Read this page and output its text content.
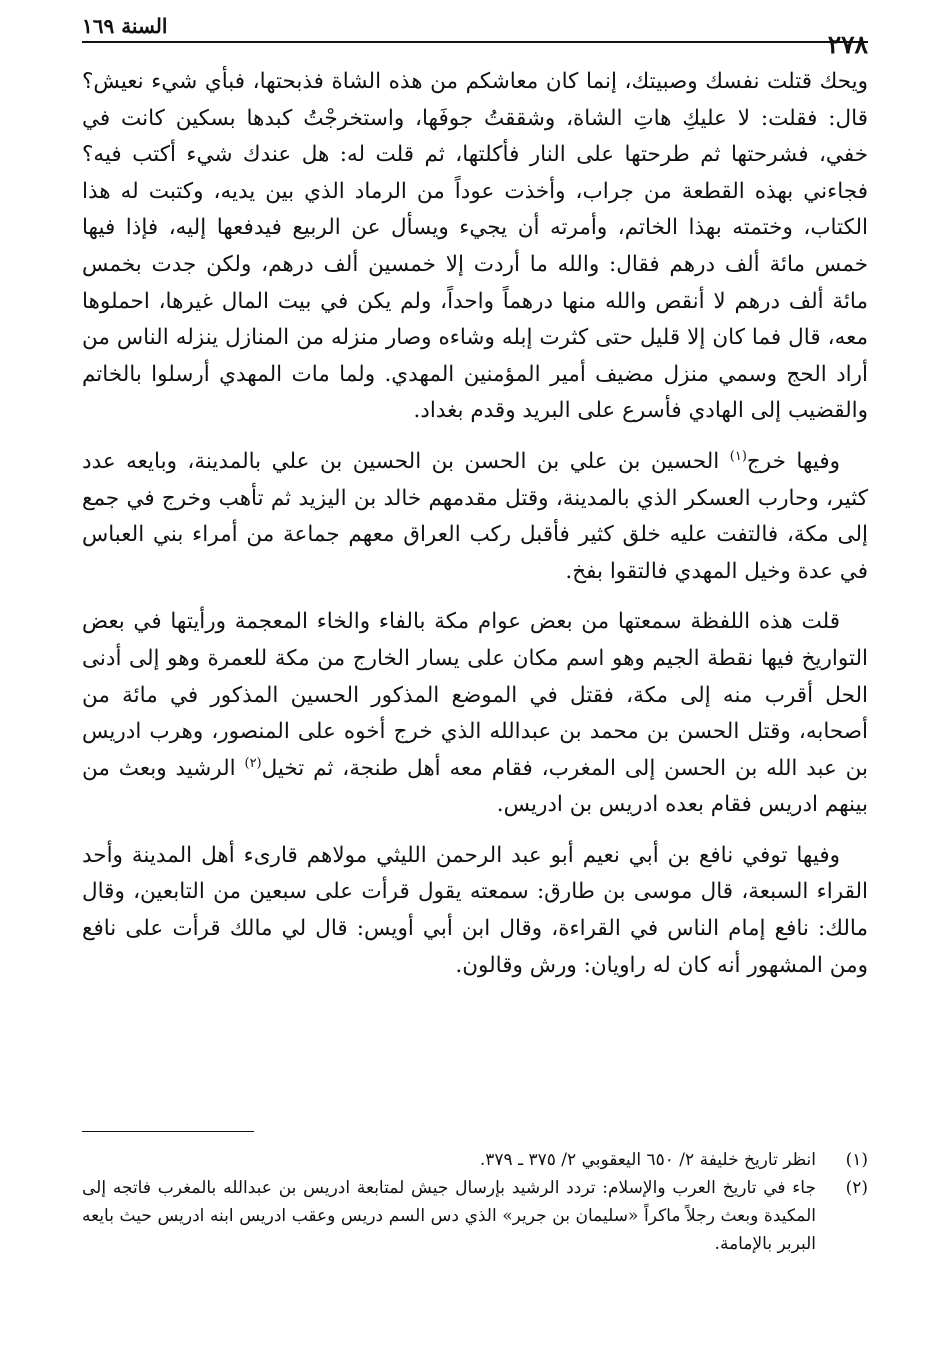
٢٧٨
السنة ١٦٩

ويحك قتلت نفسك وصبيتك، إنما كان معاشكم من هذه الشاة فذبحتها، فبأي شيء نعيش؟ قال: فقلت: لا عليكِ هاتِ الشاة، وشققتُ جوفَها، واستخرجْتُ كبدها بسكين كانت في خفي، فشرحتها ثم طرحتها على النار فأكلتها، ثم قلت له: هل عندك شيء أكتب فيه؟ فجاءني بهذه القطعة من جراب، وأخذت عوداً من الرماد الذي بين يديه، وكتبت له هذا الكتاب، وختمته بهذا الخاتم، وأمرته أن يجيء ويسأل عن الربيع فيدفعها إليه، فإذا فيها خمس مائة ألف درهم فقال: والله ما أردت إلا خمسين ألف درهم، ولكن جدت بخمس مائة ألف درهم لا أنقص والله منها درهماً واحداً، ولم يكن في بيت المال غيرها، احملوها معه، قال فما كان إلا قليل حتى كثرت إبله وشاءه وصار منزله من المنازل ينزله الناس من أراد الحج وسمي منزل مضيف أمير المؤمنين المهدي. ولما مات المهدي أرسلوا بالخاتم والقضيب إلى الهادي فأسرع على البريد وقدم بغداد.

وفيها خرج$^{(١)}$ الحسين بن علي بن الحسن بن الحسين بن علي بالمدينة، وبايعه عدد كثير، وحارب العسكر الذي بالمدينة، وقتل مقدمهم خالد بن اليزيد ثم تأهب وخرج في جمع إلى مكة، فالتفت عليه خلق كثير فأقبل ركب العراق معهم جماعة من أمراء بني العباس في عدة وخيل المهدي فالتقوا بفخ.

قلت هذه اللفظة سمعتها من بعض عوام مكة بالفاء والخاء المعجمة ورأيتها في بعض التواريخ فيها نقطة الجيم وهو اسم مكان على يسار الخارج من مكة للعمرة وهو إلى أدنى الحل أقرب منه إلى مكة، فقتل في الموضع المذكور الحسين المذكور في مائة من أصحابه، وقتل الحسن بن محمد بن عبدالله الذي خرج أخوه على المنصور، وهرب ادريس بن عبد الله بن الحسن إلى المغرب، فقام معه أهل طنجة، ثم تخيل$^{(٢)}$ الرشيد وبعث من بينهم ادريس فقام بعده ادريس بن ادريس.

وفيها توفي نافع بن أبي نعيم أبو عبد الرحمن الليثي مولاهم قارىء أهل المدينة وأحد القراء السبعة، قال موسى بن طارق: سمعته يقول قرأت على سبعين من التابعين، وقال مالك: نافع إمام الناس في القراءة، وقال ابن أبي أويس: قال لي مالك قرأت على نافع ومن المشهور أنه كان له راويان: ورش وقالون.

(١)
انظر تاريخ خليفة ٢/ ٦٥٠ اليعقوبي ٢/ ٣٧٥ ـ ٣٧٩.
(٢)
جاء في تاريخ العرب والإسلام: تردد الرشيد بإرسال جيش لمتابعة ادريس بن عبدالله بالمغرب فاتجه إلى المكيدة وبعث رجلاً ماكراً «سليمان بن جرير» الذي دس السم دريس وعقب ادريس ابنه ادريس حيث بايعه البربر بالإمامة.
